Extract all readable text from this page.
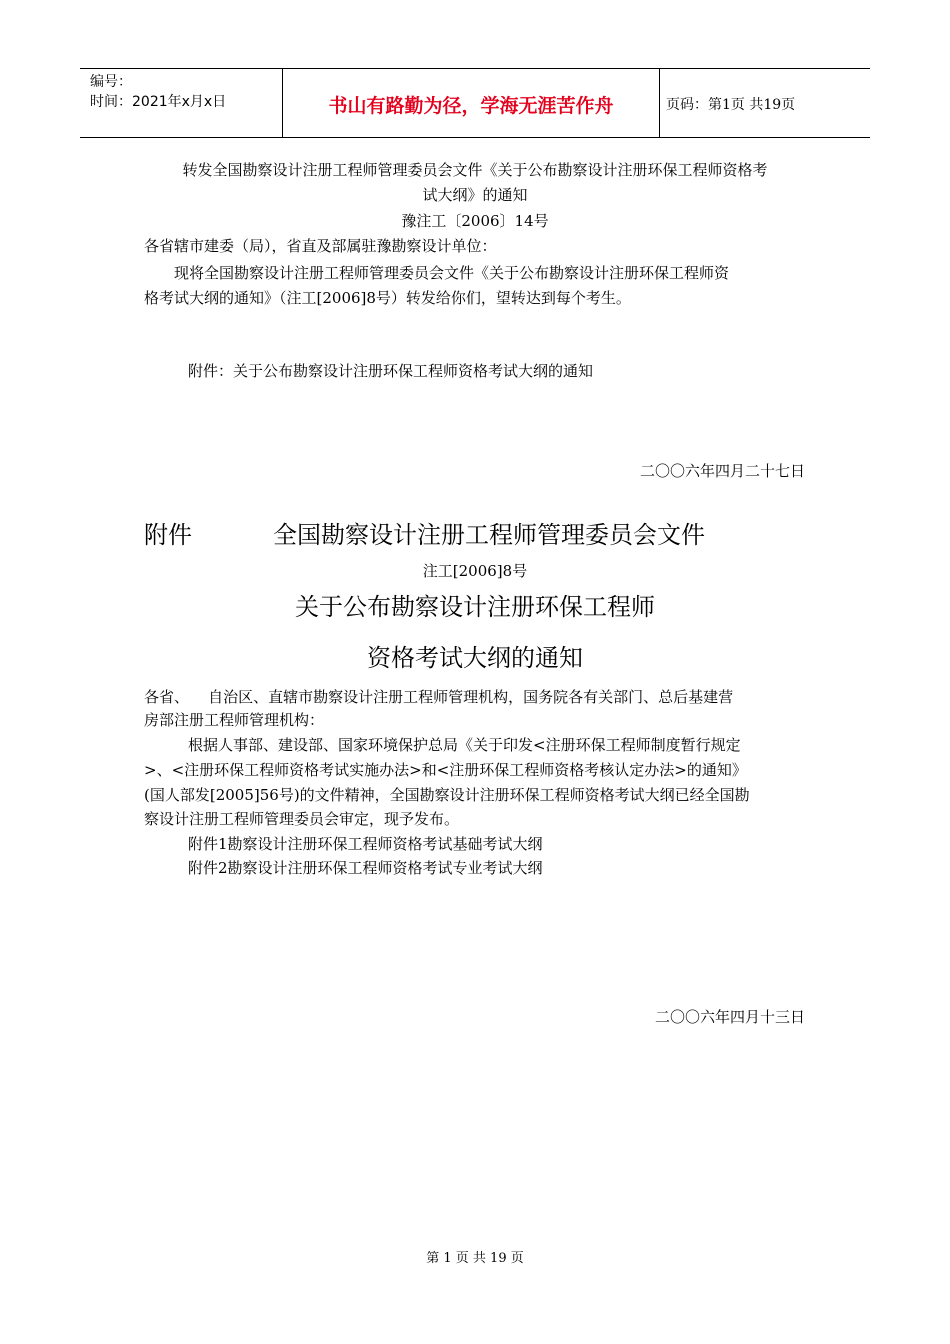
编号：
时间：2021年x月x日	书山有路勤为径，学海无涯苦作舟	页码：第1页 共19页
转发全国勘察设计注册工程师管理委员会文件《关于公布勘察设计注册环保工程师资格考
试大纲》的通知
豫注工〔2006〕14号
各省辖市建委（局），省直及部属驻豫勘察设计单位：
现将全国勘察设计注册工程师管理委员会文件《关于公布勘察设计注册环保工程师资
格考试大纲的通知》（注工[2006]8号）转发给你们，望转达到每个考生。
附件：关于公布勘察设计注册环保工程师资格考试大纲的通知
二〇〇六年四月二十七日
附件	全国勘察设计注册工程师管理委员会文件
注工[2006]8号
关于公布勘察设计注册环保工程师
资格考试大纲的通知
各省、    自治区、直辖市勘察设计注册工程师管理机构，国务院各有关部门、总后基建营
房部注册工程师管理机构：
根据人事部、建设部、国家环境保护总局《关于印发<注册环保工程师制度暂行规定
>、<注册环保工程师资格考试实施办法>和<注册环保工程师资格考核认定办法>的通知》
(国人部发[2005]56号)的文件精神，全国勘察设计注册环保工程师资格考试大纲已经全国勘
察设计注册工程师管理委员会审定，现予发布。
附件1勘察设计注册环保工程师资格考试基础考试大纲
附件2勘察设计注册环保工程师资格考试专业考试大纲
二〇〇六年四月十三日
第 1 页 共 19 页
